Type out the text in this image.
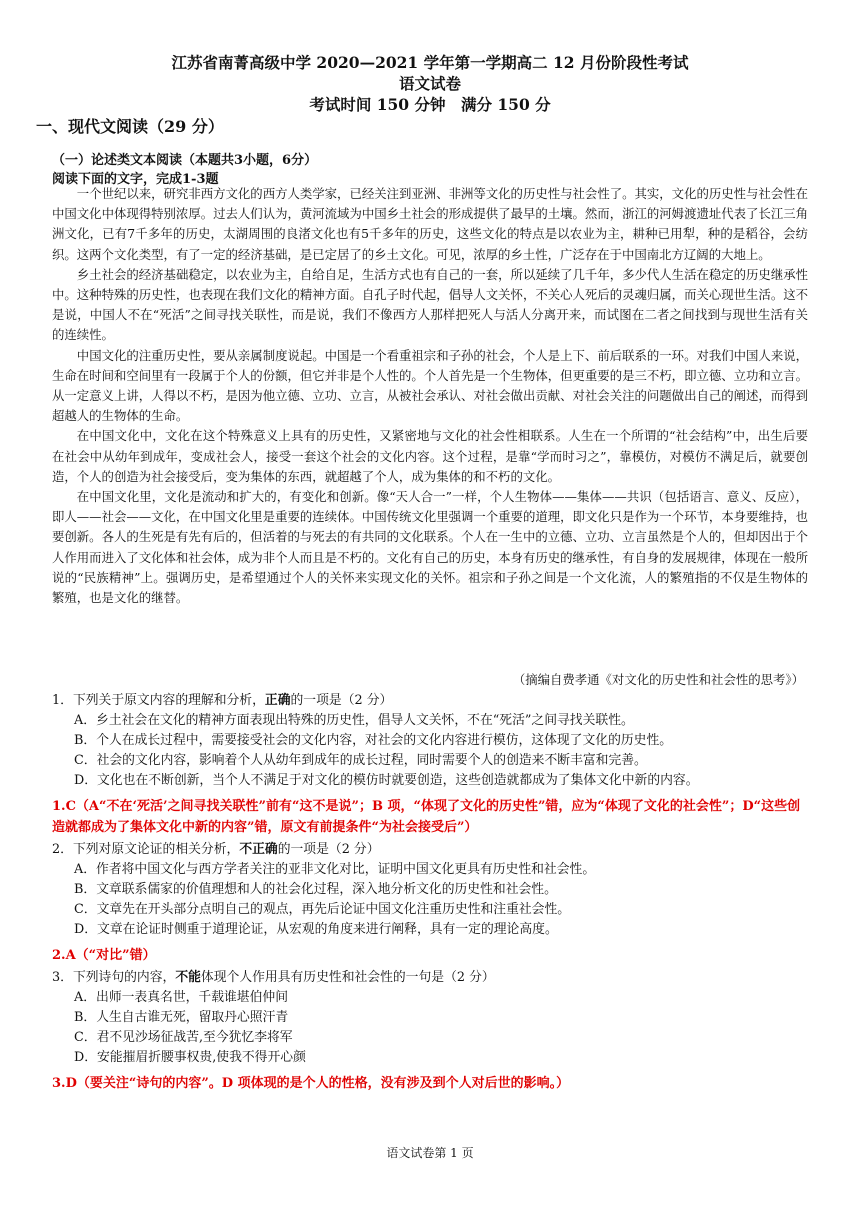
江苏省南菁高级中学 2020—2021 学年第一学期高二 12 月份阶段性考试
语文试卷
考试时间 150 分钟　满分 150 分
一、现代文阅读（29 分）
（一）论述类文本阅读（本题共3小题，6分）
阅读下面的文字，完成1-3题

一个世纪以来，研究非西方文化的西方人类学家，已经关注到亚洲、非洲等文化的历史性与社会性了。其实，文化的历史性与社会性在中国文化中体现得特别浓厚。过去人们认为，黄河流域为中国乡土社会的形成提供了最早的土壤。然而，浙江的河姆渡遗址代表了长江三角洲文化，已有7千多年的历史，太湖周围的良渚文化也有5千多年的历史，这些文化的特点是以农业为主，耕种已用犁，种的是稻谷，会纺织。这两个文化类型，有了一定的经济基础，是已定居了的乡土文化。可见，浓厚的乡土性，广泛存在于中国南北方辽阔的大地上。

乡土社会的经济基础稳定，以农业为主，自给自足，生活方式也有自己的一套，所以延续了几千年，多少代人生活在稳定的历史继承性中。这种特殊的历史性，也表现在我们文化的精神方面。自孔子时代起，倡导人文关怀，不关心人死后的灵魂归属，而关心现世生活。这不是说，中国人不在“死活”之间寻找关联性，而是说，我们不像西方人那样把死人与活人分离开来，而试图在二者之间找到与现世生活有关的连续性。

中国文化的注重历史性，要从亲属制度说起。中国是一个看重祖宗和子孙的社会，个人是上下、前后联系的一环。对我们中国人来说，生命在时间和空间里有一段属于个人的份额，但它并非是个人性的。个人首先是一个生物体，但更重要的是三不朽，即立德、立功和立言。从一定意义上讲，人得以不朽，是因为他立德、立功、立言，从被社会承认、对社会做出贡献、对社会关注的问题做出自己的阐述，而得到超越人的生物体的生命。

在中国文化中，文化在这个特殊意义上具有的历史性，又紧密地与文化的社会性相联系。人生在一个所谓的“社会结构”中，出生后要在社会中从幼年到成年，变成社会人，接受一套这个社会的文化内容。这个过程，是靠“学而时习之”，靠模仿，对模仿不满足后，就要创造，个人的创造为社会接受后，变为集体的东西，就超越了个人，成为集体的和不朽的文化。

在中国文化里，文化是流动和扩大的，有变化和创新。像“天人合一”一样，个人生物体——集体——共识（包括语言、意义、反应），即人——社会——文化，在中国文化里是重要的连续体。中国传统文化里强调一个重要的道理，即文化只是作为一个环节，本身要维持，也要创新。各人的生死是有先有后的，但活着的与死去的有共同的文化联系。个人在一生中的立德、立功、立言虽然是个人的，但却因出于个人作用而进入了文化体和社会体，成为非个人而且是不朽的。文化有自己的历史，本身有历史的继承性，有自身的发展规律，体现在一般所说的“民族精神”上。强调历史，是希望通过个人的关怀来实现文化的关怀。祖宗和子孙之间是一个文化流，人的繁殖指的不仅是生物体的繁殖，也是文化的继替。

（摘编自费孝通《对文化的历史性和社会性的思考》）

1．下列关于原文内容的理解和分析，正确的一项是（2 分）

A．乡土社会在文化的精神方面表现出特殊的历史性，倡导人文关怀，不在“死活”之间寻找关联性。

B．个人在成长过程中，需要接受社会的文化内容，对社会的文化内容进行模仿，这体现了文化的历史性。

C．社会的文化内容，影响着个人从幼年到成年的成长过程，同时需要个人的创造来不断丰富和完善。

D．文化也在不断创新，当个人不满足于对文化的模仿时就要创造，这些创造就都成为了集体文化中新的内容。

1.C（A“不在‘死活’之间寻找关联性”前有“这不是说”；B 项，“体现了文化的历史性”错，应为“体现了文化的社会性”；D“这些创造就都成为了集体文化中新的内容”错，原文有前提条件“为社会接受后”）

2．下列对原文论证的相关分析，不正确的一项是（2 分）

A．作者将中国文化与西方学者关注的亚非文化对比，证明中国文化更具有历史性和社会性。

B．文章联系儒家的价值理想和人的社会化过程，深入地分析文化的历史性和社会性。

C．文章先在开头部分点明自己的观点，再先后论证中国文化注重历史性和注重社会性。

D．文章在论证时侧重于道理论证，从宏观的角度来进行阐释，具有一定的理论高度。

2.A（“对比”错）

3．下列诗句的内容，不能体现个人作用具有历史性和社会性的一句是（2 分）

A．出师一表真名世，千载谁堪伯仲间

B．人生自古谁无死，留取丹心照汗青

C．君不见沙场征战苦,至今犹忆李将军

D．安能摧眉折腰事权贵,使我不得开心颜

3.D（要关注“诗句的内容”。D 项体现的是个人的性格，没有涉及到个人对后世的影响。）
语文试卷第 1 页
